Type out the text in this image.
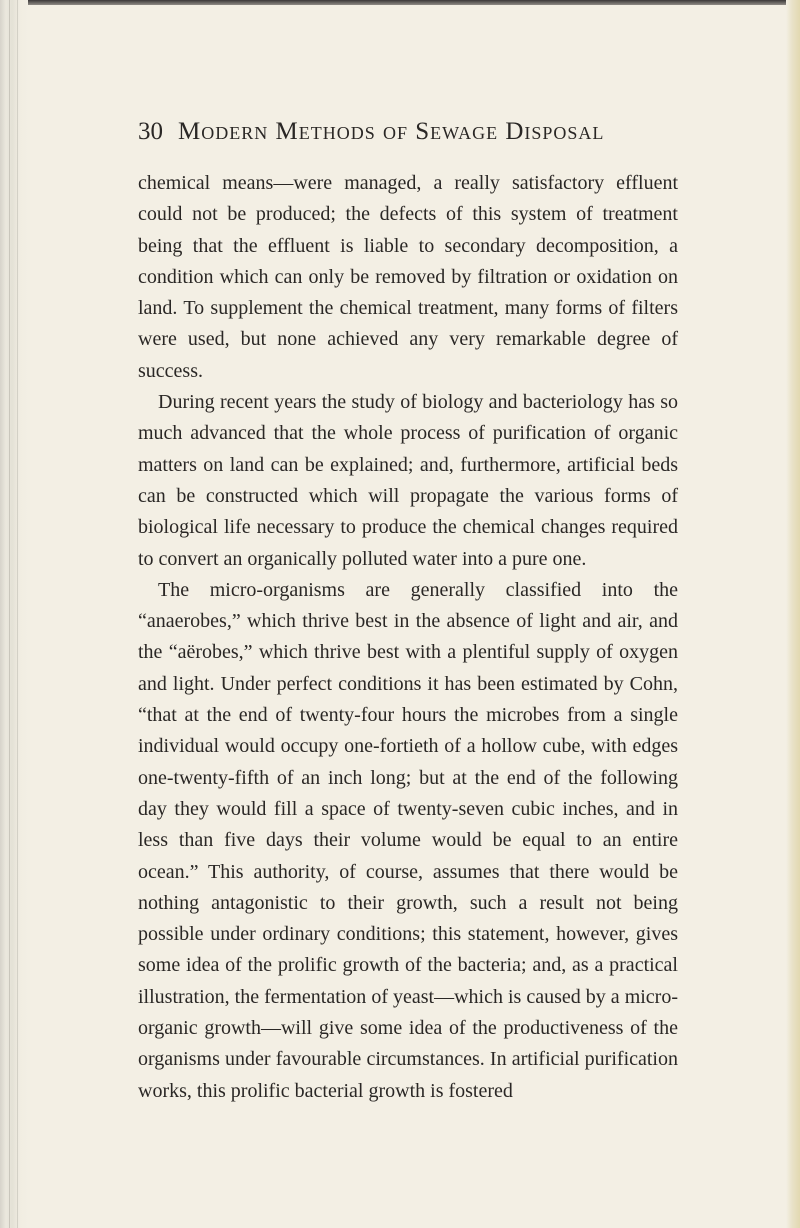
30 Modern Methods of Sewage Disposal

chemical means—were managed, a really satisfactory effluent could not be produced; the defects of this system of treatment being that the effluent is liable to secondary decomposition, a condition which can only be removed by filtration or oxidation on land. To supplement the chemical treatment, many forms of filters were used, but none achieved any very remarkable degree of success.

During recent years the study of biology and bacteriology has so much advanced that the whole process of purification of organic matters on land can be explained; and, furthermore, artificial beds can be constructed which will propagate the various forms of biological life necessary to produce the chemical changes required to convert an organically polluted water into a pure one.

The micro-organisms are generally classified into the “anaerobes,” which thrive best in the absence of light and air, and the “aërobes,” which thrive best with a plentiful supply of oxygen and light. Under perfect conditions it has been estimated by Cohn, “that at the end of twenty-four hours the microbes from a single individual would occupy one-fortieth of a hollow cube, with edges one-twenty-fifth of an inch long; but at the end of the following day they would fill a space of twenty-seven cubic inches, and in less than five days their volume would be equal to an entire ocean.” This authority, of course, assumes that there would be nothing antagonistic to their growth, such a result not being possible under ordinary conditions; this statement, however, gives some idea of the prolific growth of the bacteria; and, as a practical illustration, the fermentation of yeast—which is caused by a micro-organic growth—will give some idea of the productiveness of the organisms under favourable circumstances. In artificial purification works, this prolific bacterial growth is fostered
